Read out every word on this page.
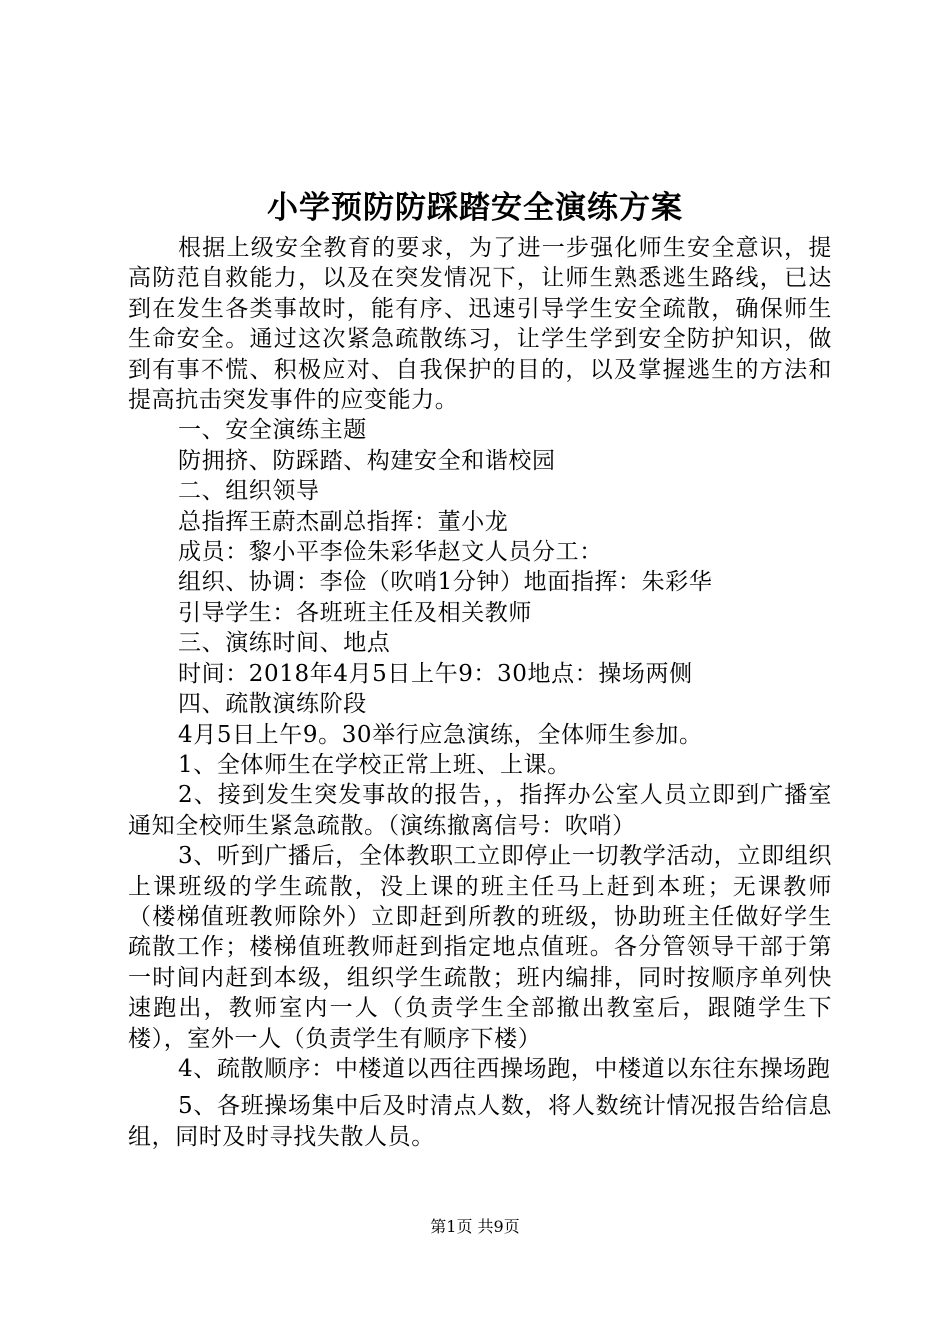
小学预防防踩踏安全演练方案

根据上级安全教育的要求，为了进一步强化师生安全意识，提高防范自救能力，以及在突发情况下，让师生熟悉逃生路线，已达到在发生各类事故时，能有序、迅速引导学生安全疏散，确保师生生命安全。通过这次紧急疏散练习，让学生学到安全防护知识，做到有事不慌、积极应对、自我保护的目的，以及掌握逃生的方法和提高抗击突发事件的应变能力。

一、安全演练主题

防拥挤、防踩踏、构建安全和谐校园

二、组织领导

总指挥王蔚杰副总指挥：董小龙

成员：黎小平李俭朱彩华赵文人员分工：

组织、协调：李俭（吹哨1分钟）地面指挥：朱彩华

引导学生：各班班主任及相关教师

三、演练时间、地点

时间：2018年4月5日上午9：30地点：操场两侧

四、疏散演练阶段

4月5日上午9。30举行应急演练，全体师生参加。

1、全体师生在学校正常上班、上课。

2、接到发生突发事故的报告，，指挥办公室人员立即到广播室通知全校师生紧急疏散。（演练撤离信号：吹哨）

3、听到广播后，全体教职工立即停止一切教学活动，立即组织上课班级的学生疏散，没上课的班主任马上赶到本班；无课教师（楼梯值班教师除外）立即赶到所教的班级，协助班主任做好学生疏散工作；楼梯值班教师赶到指定地点值班。各分管领导干部于第一时间内赶到本级，组织学生疏散；班内编排，同时按顺序单列快速跑出，教师室内一人（负责学生全部撤出教室后，跟随学生下楼），室外一人（负责学生有顺序下楼）

4、疏散顺序：中楼道以西往西操场跑，中楼道以东往东操场跑

5、各班操场集中后及时清点人数，将人数统计情况报告给信息组，同时及时寻找失散人员。

第1页 共9页
